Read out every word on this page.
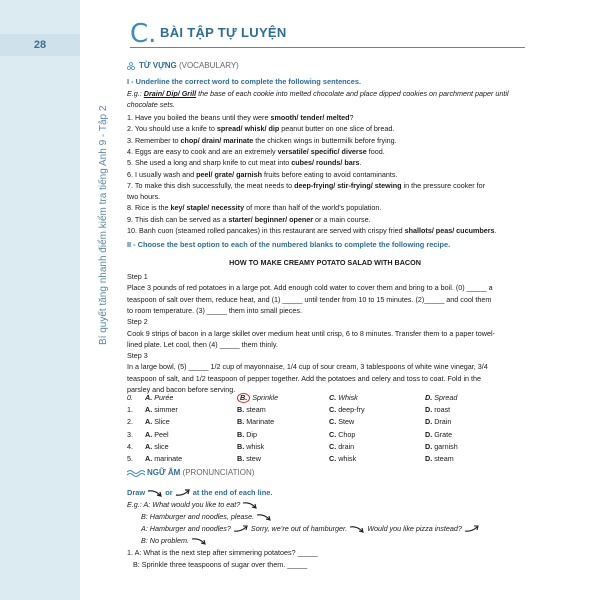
28
Bí quyết tăng nhanh điểm kiểm tra tiếng Anh 9 - Tập 2
C. BÀI TẬP TỰ LUYỆN
TỪ VỰNG (VOCABULARY)
I - Underline the correct word to complete the following sentences.
E.g.: Drain/ Dip/ Grill the base of each cookie into melted chocolate and place dipped cookies on parchment paper until
chocolate sets.
1. Have you boiled the beans until they were smooth/ tender/ melted?
2. You should use a knife to spread/ whisk/ dip peanut butter on one slice of bread.
3. Remember to chop/ drain/ marinate the chicken wings in buttermilk before frying.
4. Eggs are easy to cook and are an extremely versatile/ specific/ diverse food.
5. She used a long and sharp knife to cut meat into cubes/ rounds/ bars.
6. I usually wash and peel/ grate/ garnish fruits before eating to avoid contaminants.
7. To make this dish successfully, the meat needs to deep-frying/ stir-frying/ stewing in the pressure cooker for
two hours.
8. Rice is the key/ staple/ necessity of more than half of the world’s population.
9. This dish can be served as a starter/ beginner/ opener or a main course.
10. Banh cuon (steamed rolled pancakes) in this restaurant are served with crispy fried shallots/ peas/ cucumbers.
II - Choose the best option to each of the numbered blanks to complete the following recipe.
HOW TO MAKE CREAMY POTATO SALAD WITH BACON
Step 1
Place 3 pounds of red potatoes in a large pot. Add enough cold water to cover them and bring to a boil. (0) _____ a
teaspoon of salt over them, reduce heat, and (1) _____ until tender from 10 to 15 minutes. (2)_____ and cool them
to room temperature. (3) _____ them into small pieces.
Step 2
Cook 9 strips of bacon in a large skillet over medium heat until crisp, 6 to 8 minutes. Transfer them to a paper towel-
lined plate. Let cool, then (4) _____ them thinly.
Step 3
In a large bowl, (5) _____ 1/2 cup of mayonnaise, 1/4 cup of sour cream, 3 tablespoons of white wine vinegar, 3/4
teaspoon of salt, and 1/2 teaspoon of pepper together. Add the potatoes and celery and toss to coat. Fold in the
parsley and bacon before serving.
0. A. Purée	B. Sprinkle	C. Whisk	D. Spread
1. A. simmer	B. steam	C. deep-fry	D. roast
2. A. Slice	B. Marinate	C. Stew	D. Drain
3. A. Peel	B. Dip	C. Chop	D. Grate
4. A. slice	B. whisk	C. drain	D. garnish
5. A. marinate	B. stew	C. whisk	D. steam
NGỮ ÂM (PRONUNCIATION)
Draw	or	at the end of each line.
E.g.: A: What would you like to eat?
B: Hamburger and noodles, please.
A: Hamburger and noodles?	Sorry, we’re out of hamburger.	Would you like pizza instead?
B: No problem.
1. A: What is the next step after simmering potatoes? _____
B: Sprinkle three teaspoons of sugar over them. _____
